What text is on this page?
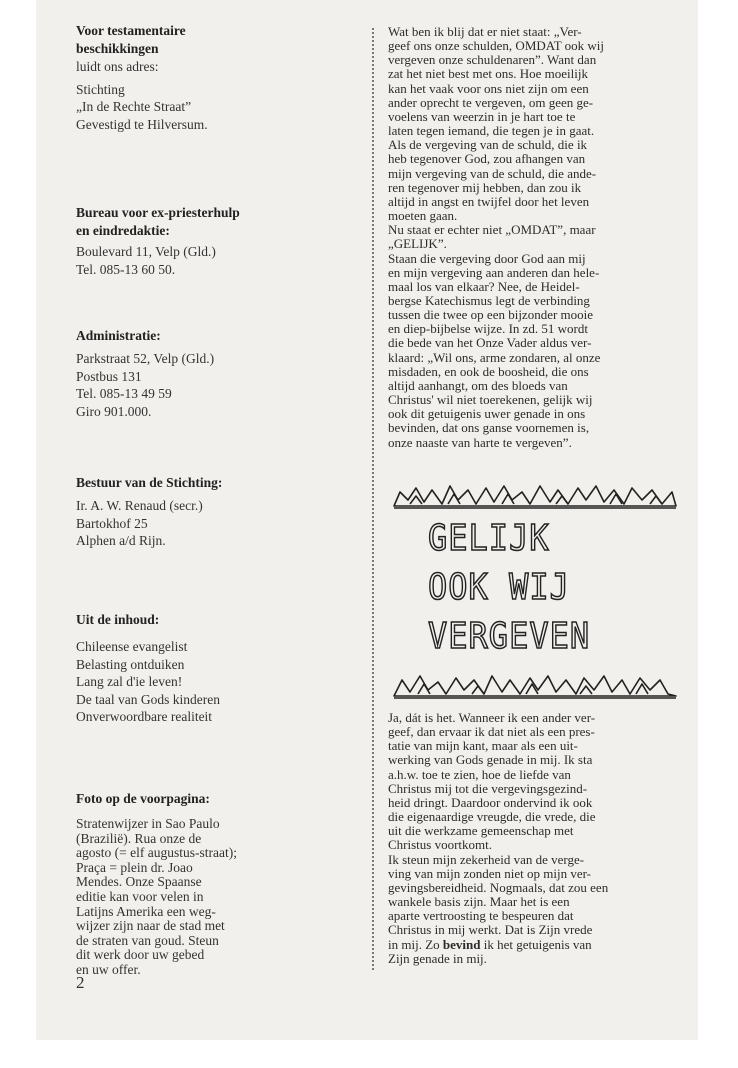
Voor testamentaire
beschikkingen
luidt ons adres:
Stichting
„In de Rechte Straat”
Gevestigd te Hilversum.
Bureau voor ex-priesterhulp
en eindredaktie:
Boulevard 11, Velp (Gld.)
Tel. 085-13 60 50.
Administratie:
Parkstraat 52, Velp (Gld.)
Postbus 131
Tel. 085-13 49 59
Giro 901.000.
Bestuur van de Stichting:
Ir. A. W. Renaud (secr.)
Bartokhof 25
Alphen a/d Rijn.
Uit de inhoud:
Chileense evangelist
Belasting ontduiken
Lang zal d'ie leven!
De taal van Gods kinderen
Onverwoordbare realiteit
Foto op de voorpagina:
Stratenwijzer in Sao Paulo
(Brazilië). Rua onze de
agosto (= elf augustus-straat);
Praça = plein dr. Joao
Mendes. Onze Spaanse
editie kan voor velen in
Latijns Amerika een weg-
wijzer zijn naar de stad met
de straten van goud. Steun
dit werk door uw gebed
en uw offer.
Wat ben ik blij dat er niet staat: „Ver-
geef ons onze schulden, OMDAT ook wij
vergeven onze schuldenaren”. Want dan
zat het niet best met ons. Hoe moeilijk
kan het vaak voor ons niet zijn om een
ander oprecht te vergeven, om geen ge-
voelens van weerzin in je hart toe te
laten tegen iemand, die tegen je in gaat.
Als de vergeving van de schuld, die ik
heb tegenover God, zou afhangen van
mijn vergeving van de schuld, die ande-
ren tegenover mij hebben, dan zou ik
altijd in angst en twijfel door het leven
moeten gaan.
Nu staat er echter niet „OMDAT”, maar
„GELIJK”.
Staan die vergeving door God aan mij
en mijn vergeving aan anderen dan hele-
maal los van elkaar? Nee, de Heidel-
bergse Katechismus legt de verbinding
tussen die twee op een bijzonder mooie
en diep-bijbelse wijze. In zd. 51 wordt
die bede van het Onze Vader aldus ver-
klaard: „Wil ons, arme zondaren, al onze
misdaden, en ook de boosheid, die ons
altijd aanhangt, om des bloeds van
Christus' wil niet toerekenen, gelijk wij
ook dit getuigenis uwer genade in ons
bevinden, dat ons ganse voornemen is,
onze naaste van harte te vergeven”.
GELIJK
OOK WIJ
VERGEVEN
Ja, dát is het. Wanneer ik een ander ver-
geef, dan ervaar ik dat niet als een pres-
tatie van mijn kant, maar als een uit-
werking van Gods genade in mij. Ik sta
a.h.w. toe te zien, hoe de liefde van
Christus mij tot die vergevingsgezind-
heid dringt. Daardoor ondervind ik ook
die eigenaardige vreugde, die vrede, die
uit die werkzame gemeenschap met
Christus voortkomt.
Ik steun mijn zekerheid van de verge-
ving van mijn zonden niet op mijn ver-
gevingsbereidheid. Nogmaals, dat zou een
wankele basis zijn. Maar het is een
aparte vertroosting te bespeuren dat
Christus in mij werkt. Dat is Zijn vrede
in mij. Zo bevind ik het getuigenis van
Zijn genade in mij.
2
